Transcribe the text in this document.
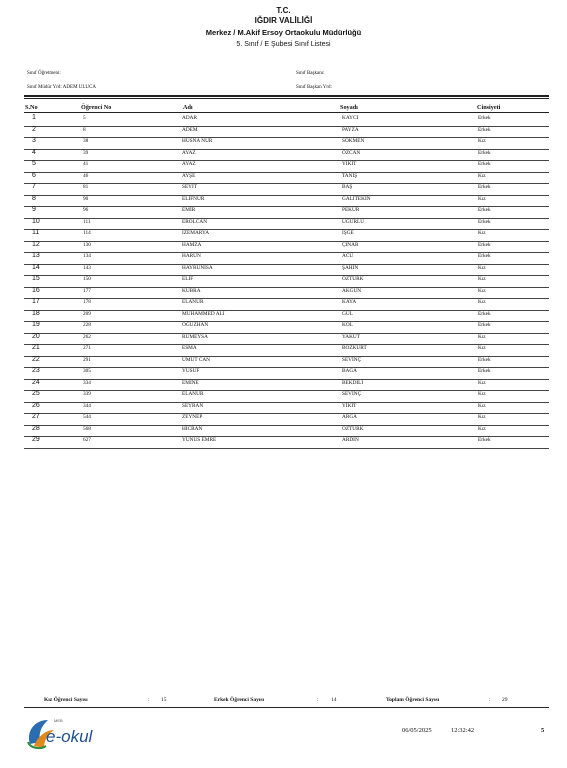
T.C.
IĞDIR VALİLİĞİ
Merkez / M.Akif Ersoy Ortaokulu Müdürlüğü
5. Sınıf / E Şubesi Sınıf Listesi
Sınıf Öğretmeni:
Sınıf Müdür Yrd: ADEM ULUCA
Sınıf Başkanı:
Sınıf Başkan Yrd:
S.No	Öğrenci No	Adı	Soyadı	Cinsiyeti
1	5	ADAR	KAYCI	Erkek
2	8	ADEM	PAYZA	Erkek
3	38	HÜSNA NUR	SÖKMEN	Kız
4	39	AYAZ	ÖZCAN	Erkek
5	41	AYAZ	YİKİT	Erkek
6	46	AYŞE	TANIŞ	Kız
7	81	SEYİT	BAŞ	Erkek
8	90	ELİFNUR	GALİTEKİN	Kız
9	96	EMİR	PEKÜR	Erkek
10	111	EROLCAN	UĞURLU	Erkek
11	114	İZEMARYA	İŞGE	Kız
12	130	HAMZA	ÇINAR	Erkek
13	134	HARUN	ACU	Erkek
14	143	HAYRUNİSA	ŞAHİN	Kız
15	150	ELİF	ÖZTÜRK	Kız
16	177	KÜBRA	AKGÜN	Kız
17	178	ELANUR	KAYA	Kız
18	209	MUHAMMED ALİ	GÜL	Erkek
19	228	OĞUZHAN	KOL	Erkek
20	262	RUMEYSA	YAKUT	Kız
21	271	ESMA	BOZKURT	Kız
22	291	UMUT CAN	SEVİNÇ	Erkek
23	305	YUSUF	BAGA	Erkek
24	334	EMİNE	BEKDİLİ	Kız
25	339	ELANUR	SEVİNÇ	Kız
26	344	SEYRAN	YİKİT	Kız
27	544	ZEYNEP	ARGA	Kız
28	568	HİCRAN	ÖZTÜRK	Kız
29	627	YUNUS EMRE	ARDIN	Erkek
Kız Öğrenci Sayısı	: 15	Erkek Öğrenci Sayısı	: 14	Toplam Öğrenci Sayısı	: 29
MEB
e-okul	06/05/2025	12:32:42	5
